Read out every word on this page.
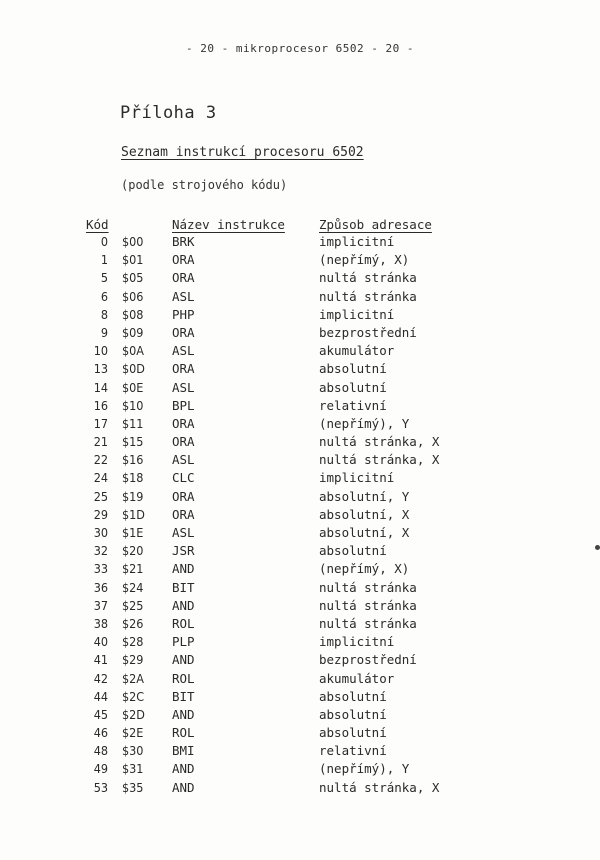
- 20 - mikroprocesor 6502 - 20 -
Příloha 3
Seznam instrukcí procesoru 6502
(podle strojového kódu)
Kód	Název instrukce	Způsob adresace
0 $00 BRK	implicitní
1 $01 ORA	(nepřímý, X)
5 $05 ORA	nultá stránka
6 $06 ASL	nultá stránka
8 $08 PHP	implicitní
9 $09 ORA	bezprostřední
10 $0A ASL	akumulátor
13 $0D ORA	absolutní
14 $0E ASL	absolutní
16 $10 BPL	relativní
17 $11 ORA	(nepřímý), Y
21 $15 ORA	nultá stránka, X
22 $16 ASL	nultá stránka, X
24 $18 CLC	implicitní
25 $19 ORA	absolutní, Y
29 $1D ORA	absolutní, X
30 $1E ASL	absolutní, X
32 $20 JSR	absolutní
33 $21 AND	(nepřímý, X)
36 $24 BIT	nultá stránka
37 $25 AND	nultá stránka
38 $26 ROL	nultá stránka
40 $28 PLP	implicitní
41 $29 AND	bezprostřední
42 $2A ROL	akumulátor
44 $2C BIT	absolutní
45 $2D AND	absolutní
46 $2E ROL	absolutní
48 $30 BMI	relativní
49 $31 AND	(nepřímý), Y
53 $35 AND	nultá stránka, X
